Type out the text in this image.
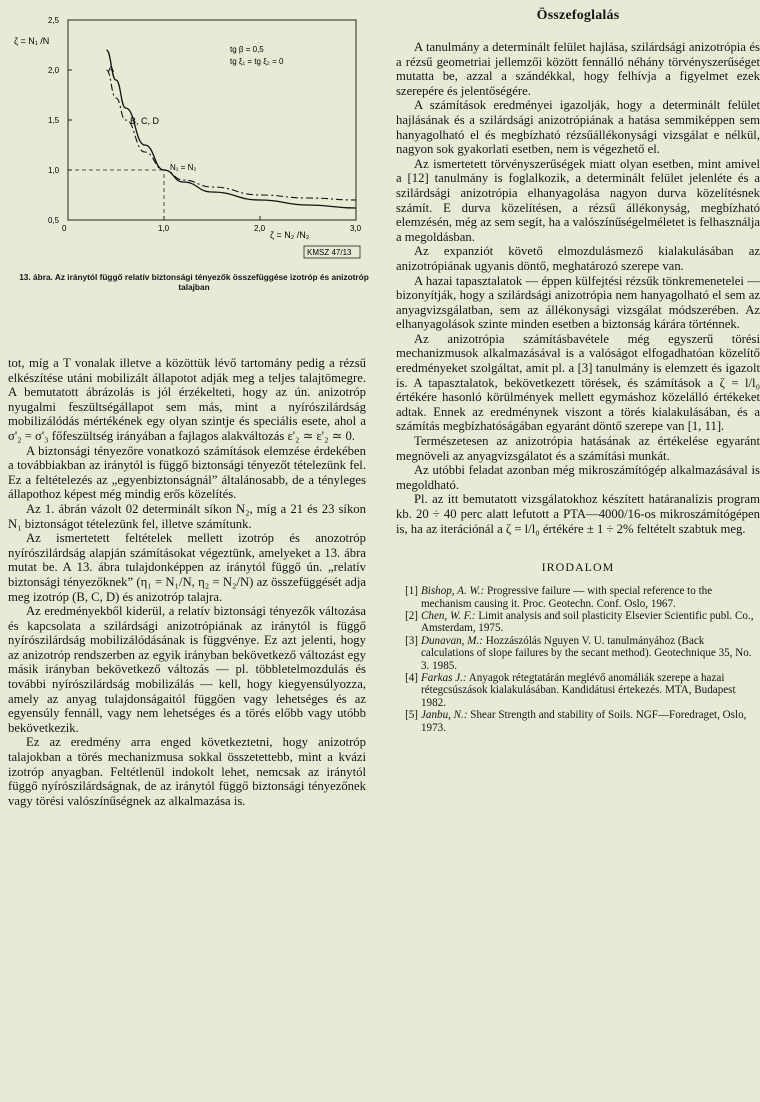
2,5
2,0
1,5
1,0
0,5
0	1,0	2,0	3,0
ζ = N₁ /N
ζ = N₂ /N₂
tg β = 0,5
tg ξ₁ = tg ξ₂ = 0
A
B, C, D
N₁ = N₂
KMSZ 47/13
13. ábra. Az iránytól függő relatív biztonsági tényezők összefüggése izotróp és anizotróp talajban

tot, míg a T vonalak illetve a közöttük lévő tartomány pedig a rézsű elkészítése utáni mobilizált állapotot adják meg a teljes talajtömegre. A bemutatott ábrázolás is jól érzékelteti, hogy az ún. anizotróp nyugalmi feszültségállapot sem más, mint a nyírószilárdság mobilizálódás mértékének egy olyan szintje és speciális esete, ahol a σ'₂ = σ'₃ főfeszültség irányában a fajlagos alakváltozás ε'₂ ≃ ε'₂ ≃ 0.

A biztonsági tényezőre vonatkozó számítások elemzése érdekében a továbbiakban az iránytól is függő biztonsági tényezőt tételezünk fel. Ez a feltételezés az „egyenbiztonságnál” általánosabb, de a tényleges állapothoz képest még mindig erős közelítés.

Az 1. ábrán vázolt 02 determinált síkon N₂, míg a 21 és 23 síkon N₁ biztonságot tételezünk fel, illetve számítunk.

Az ismertetett feltételek mellett izotróp és anozotróp nyírószilárdság alapján számításokat végeztünk, amelyeket a 13. ábra mutat be. A 13. ábra tulajdonképpen az iránytól függő ún. „relatív biztonsági tényezőknek” (η₁ = N₁/N, η₂ = N₂/N) az összefüggését adja meg izotróp (B, C, D) és anizotróp talajra.

Az eredményekből kiderül, a relatív biztonsági tényezők változása és kapcsolata a szilárdsági anizotrópiának az iránytól is függő nyírószilárdság mobilizálódásának is függvénye. Ez azt jelenti, hogy az anizotróp rendszerben az egyik irányban bekövetkező változást egy másik irányban bekövetkező változás — pl. többletelmozdulás és további nyírószilárdság mobilizálás — kell, hogy kiegyensúlyozza, amely az anyag tulajdonságaitól függően vagy lehetséges és az egyensúly fennáll, vagy nem lehetséges és a törés előbb vagy utóbb bekövetkezik.

Ez az eredmény arra enged következtetni, hogy anizotróp talajokban a törés mechanizmusa sokkal összetettebb, mint a kvázi izotróp anyagban. Feltétlenül indokolt lehet, nemcsak az iránytól függő nyírószilárdságnak, de az iránytól függő biztonsági tényezőnek vagy törési valószínűségnek az alkalmazása is.

Összefoglalás

A tanulmány a determinált felület hajlása, szilárdsági anizotrópia és a rézsű geometriai jellemzői között fennálló néhány törvényszerűséget mutatta be, azzal a szándékkal, hogy felhívja a figyelmet ezek szerepére és jelentőségére.

A számítások eredményei igazolják, hogy a determinált felület hajlásának és a szilárdsági anizotrópiának a hatása semmiképpen sem hanyagolható el és megbízható rézsűállékonysági vizsgálat e nélkül, nagyon sok gyakorlati esetben, nem is végezhető el.

Az ismertetett törvényszerűségek miatt olyan esetben, mint amivel a [12] tanulmány is foglalkozik, a determinált felület jelenléte és a szilárdsági anizotrópia elhanyagolása nagyon durva közelítésnek számít. E durva közelítésen, a rézsű állékonyság, megbízható elemzésén, még az sem segít, ha a valószínűségelméletet is felhasználja a megoldásban.

Az expanziót követő elmozdulásmező kialakulásában az anizotrópiának ugyanis döntő, meghatározó szerepe van.

A hazai tapasztalatok — éppen külfejtési rézsűk tönkremenetelei — bizonyítják, hogy a szilárdsági anizotrópia nem hanyagolható el sem az anyagvizsgálatban, sem az állékonysági vizsgálat módszerében. Az elhanyagolások szinte minden esetben a biztonság kárára történnek.

Az anizotrópia számításbavétele még egyszerű törési mechanizmusok alkalmazásával is a valóságot elfogadhatóan közelítő eredményeket szolgáltat, amit pl. a [3] tanulmány is elemzett és igazolt is. A tapasztalatok, bekövetkezett törések, és számítások a ζ = l/l₀ értékére hasonló körülmények mellett egymáshoz közelálló értékeket adtak. Ennek az eredménynek viszont a törés kialakulásában, és a számítás megbízhatóságában egyaránt döntő szerepe van [1, 11].

Természetesen az anizotrópia hatásának az értékelése egyaránt megnöveli az anyagvizsgálatot és a számítási munkát.

Az utóbbi feladat azonban még mikroszámítógép alkalmazásával is megoldható.

Pl. az itt bemutatott vizsgálatokhoz készített határanalízis program kb. 20 ÷ 40 perc alatt lefutott a PTA—4000/16-os mikroszámítógépen is, ha az iterációnál a ζ = l/l₀ értékére ± 1 ÷ 2% feltételt szabtuk meg.

IRODALOM
[1] Bishop, A. W.: Progressive failure — with special reference to the mechanism causing it. Proc. Geotechn. Conf. Oslo, 1967.
[2] Chen, W. F.: Limit analysis and soil plasticity Elsevier Scientific publ. Co., Amsterdam, 1975.
[3] Dunavan, M.: Hozzászólás Nguyen V. U. tanulmányához (Back calculations of slope failures by the secant method). Geotechnique 35, No. 3. 1985.
[4] Farkas J.: Anyagok rétegtatárán meglévő anomáliák szerepe a hazai rétegcsúszások kialakulásában. Kandidátusi értekezés. MTA, Budapest 1982.
[5] Janbu, N.: Shear Strength and stability of Soils. NGF—Foredraget, Oslo, 1973.
